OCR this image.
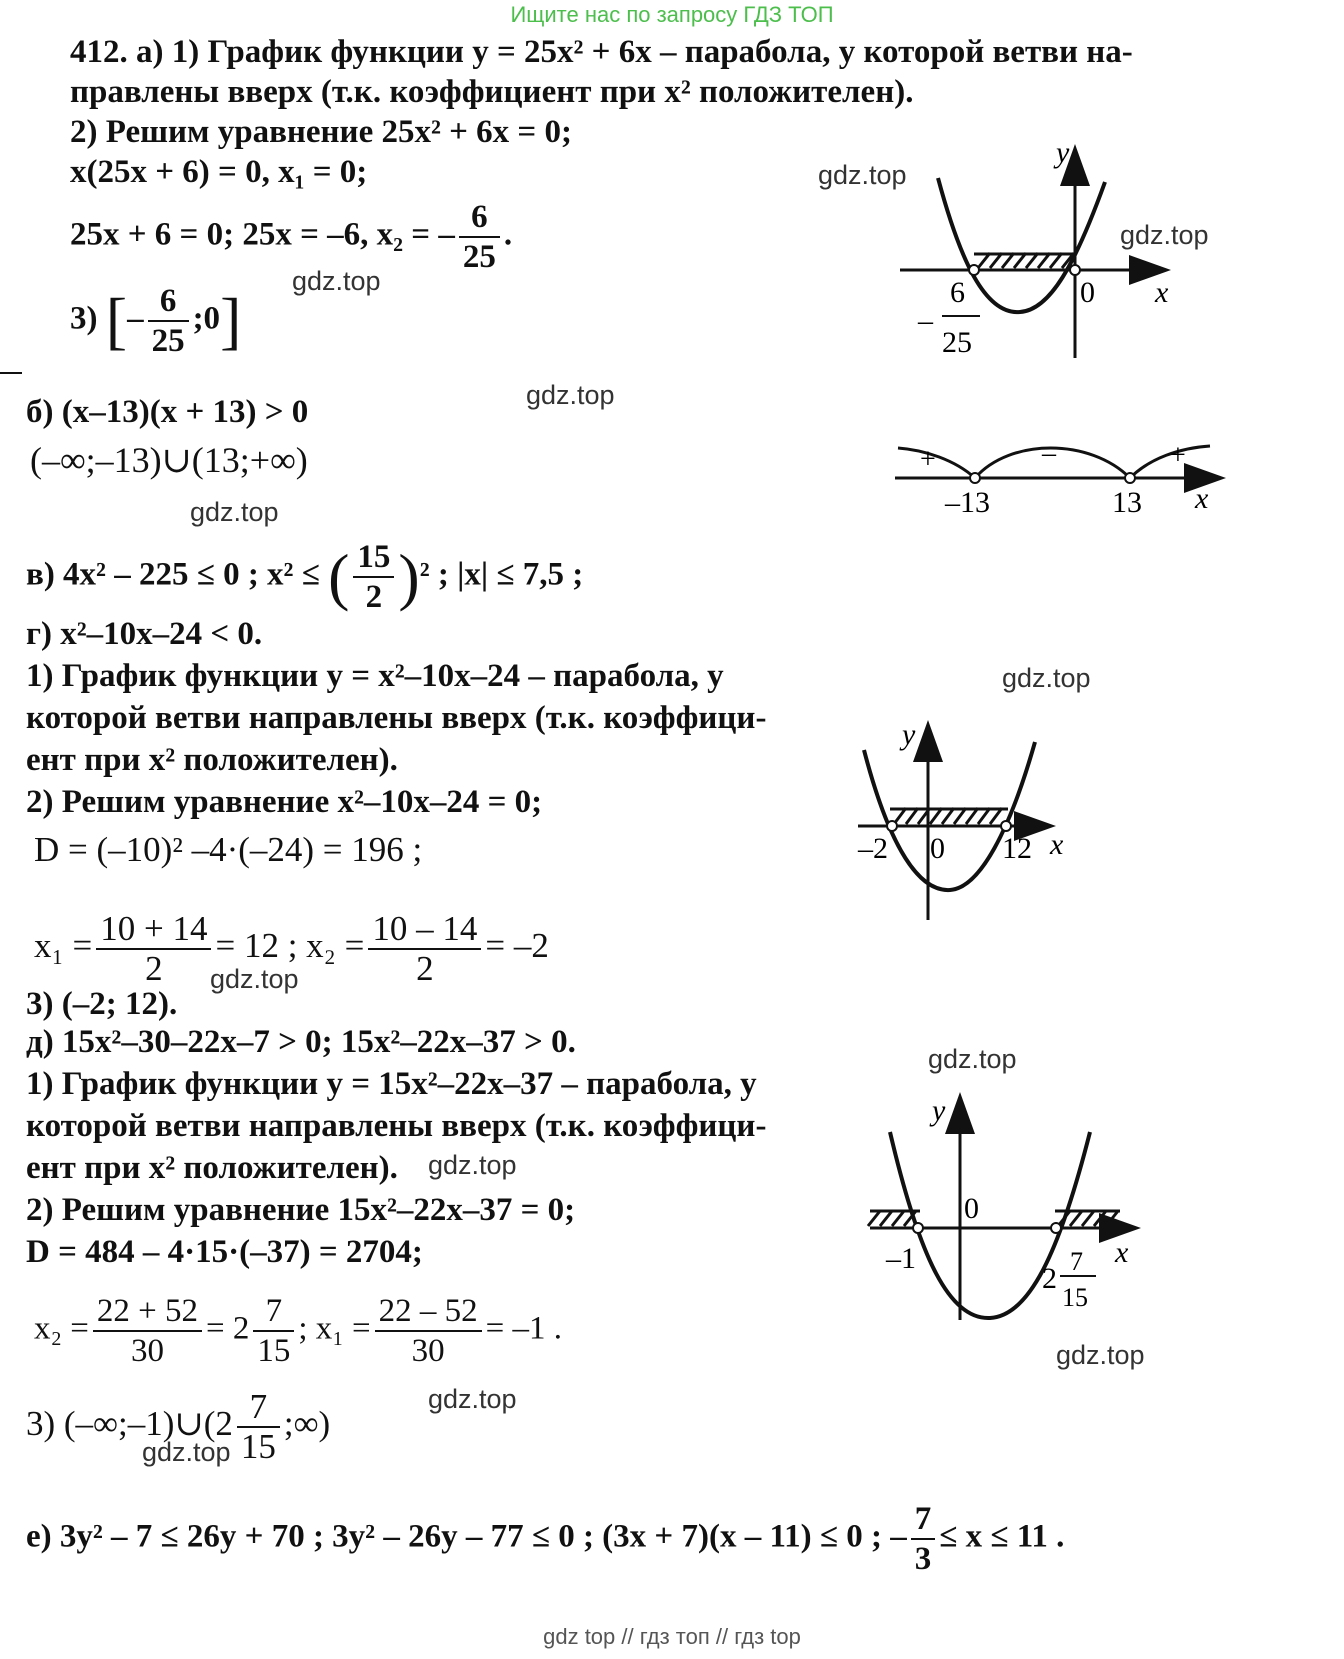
Ищите нас по запросу ГДЗ ТОП
412. а) 1) График функции y = 25x² + 6x – парабола, у которой ветви на-
правлены вверх (т.к. коэффициент при x² положителен).
2) Решим уравнение 25x² + 6x = 0;
x(25x + 6) = 0, x₁ = 0;
25x + 6 = 0; 25x = –6, x₂ = – $\frac{6}{25}$ .
3) [– $\frac{6}{25}$ ;0]
y
x
0
–
6
25
б) (x–13)(x + 13) > 0
(–∞;–13)∪(13;+∞)	+	–	+
–13	13 x
в) 4x² – 225 ≤ 0 ; x² ≤ ( $\frac{15}{2} )^2$ ; |x| ≤ 7,5 ;
г) x²–10x–24 < 0.
1) График функции y = x²–10x–24 – парабола, у
которой ветви направлены вверх (т.к. коэффици-
ент при x² положителен).
2) Решим уравнение x²–10x–24 = 0;
D = (–10)² –4·(–24) = 196 ;
$x_1 = \frac{10 + 14}{2} = 12$ ; $x_2 = \frac{10 - 14}{2} = -2$
3) (–2; 12).
y
x
–2 0 12
д) 15x²–30–22x–7 > 0; 15x²–22x–37 > 0.
1) График функции y = 15x²–22x–37 – парабола, у
которой ветви направлены вверх (т.к. коэффици-
ент при x² положителен).
2) Решим уравнение 15x²–22x–37 = 0;
D = 484 – 4·15·(–37) = 2704;
$x_2 = \frac{22 + 52}{30} = 2 \frac{7}{15}$ ; $x_1 = \frac{22 - 52}{30} = -1$ .
3) (–∞;–1)∪(2 $\frac{7}{15}$ ;∞)
y
x
0
–1
2
7
15
е) 3y² – 7 ≤ 26y + 70 ; 3y² – 26y – 77 ≤ 0 ; (3x + 7)(x – 11) ≤ 0 ; – $\frac{7}{3} \le x \le 11$ .
gdz.top
gdz.top
gdz.top
gdz.top
gdz.top
gdz.top
gdz.top
gdz.top
gdz.top
gdz.top
gdz.top
gdz.top
gdz top // гдз топ // гдз top
